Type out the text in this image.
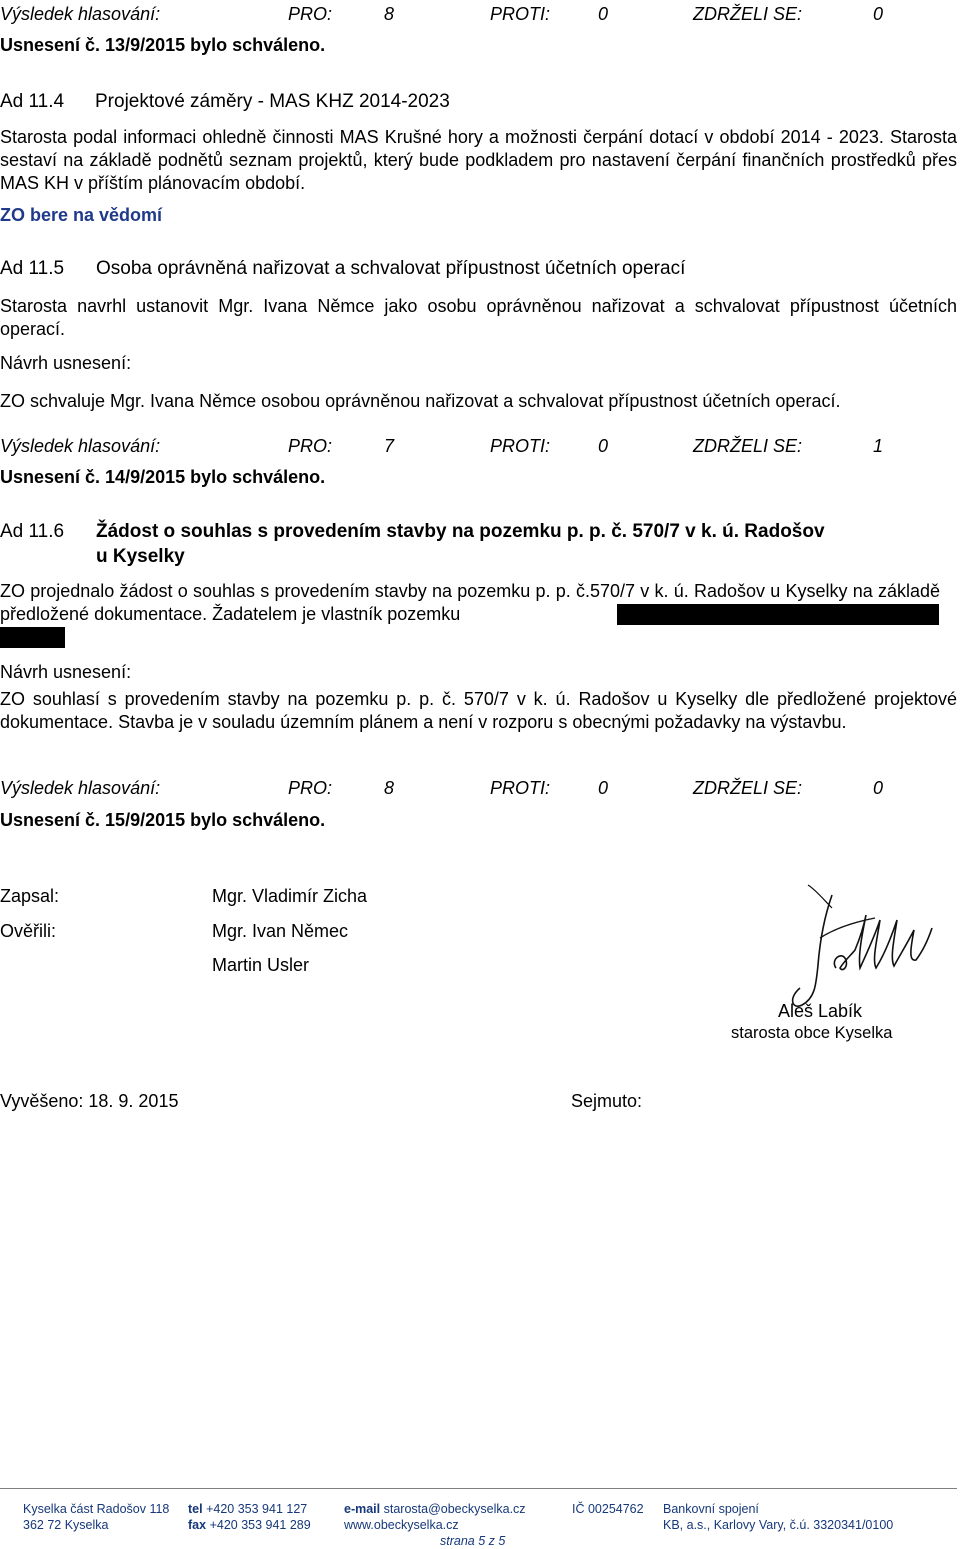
Výsledek hlasování:	PRO:	8	PROTI:	0	ZDRŽELI SE:	0
Usnesení č. 13/9/2015 bylo schváleno.
Ad 11.4 Projektové záměry - MAS KHZ 2014-2023
Starosta podal informaci ohledně činnosti MAS Krušné hory a možnosti čerpání dotací v období 2014 - 2023. Starosta sestaví na základě podnětů seznam projektů, který bude podkladem pro nastavení čerpání finančních prostředků přes MAS KH v příštím plánovacím období.
ZO bere na vědomí
Ad 11.5 Osoba oprávněná nařizovat a schvalovat přípustnost účetních operací
Starosta navrhl ustanovit Mgr. Ivana Němce jako osobu oprávněnou nařizovat a schvalovat přípustnost účetních operací.
Návrh usnesení:
ZO schvaluje Mgr. Ivana Němce osobou oprávněnou nařizovat a schvalovat přípustnost účetních operací.
Výsledek hlasování:	PRO:	7	PROTI:	0	ZDRŽELI SE:	1
Usnesení č. 14/9/2015 bylo schváleno.
Ad 11.6 Žádost o souhlas s provedením stavby na pozemku p. p. č. 570/7 v k. ú. Radošov
u Kyselky
ZO projednalo žádost o souhlas s provedením stavby na pozemku p. p. č.570/7 v k. ú. Radošov u Kyselky na základě předložené dokumentace. Žadatelem je vlastník pozemku
Návrh usnesení:
ZO souhlasí s provedením stavby na pozemku p. p. č. 570/7 v k. ú. Radošov u Kyselky dle předložené projektové dokumentace. Stavba je v souladu územním plánem a není v rozporu s obecnými požadavky na výstavbu.
Výsledek hlasování:	PRO:	8	PROTI:	0	ZDRŽELI SE:	0
Usnesení č. 15/9/2015 bylo schváleno.
Zapsal:	Mgr. Vladimír Zicha
Ověřili:	Mgr. Ivan Němec
Martin Usler
Aleš Labík
starosta obce Kyselka
Vyvěšeno: 18. 9. 2015	Sejmuto:
Kyselka část Radošov 118
362 72 Kyselka
tel +420 353 941 127
fax +420 353 941 289
e-mail starosta@obeckyselka.cz
www.obeckyselka.cz
IČ 00254762 Bankovní spojení
KB, a.s., Karlovy Vary, č.ú. 3320341/0100
strana 5 z 5
